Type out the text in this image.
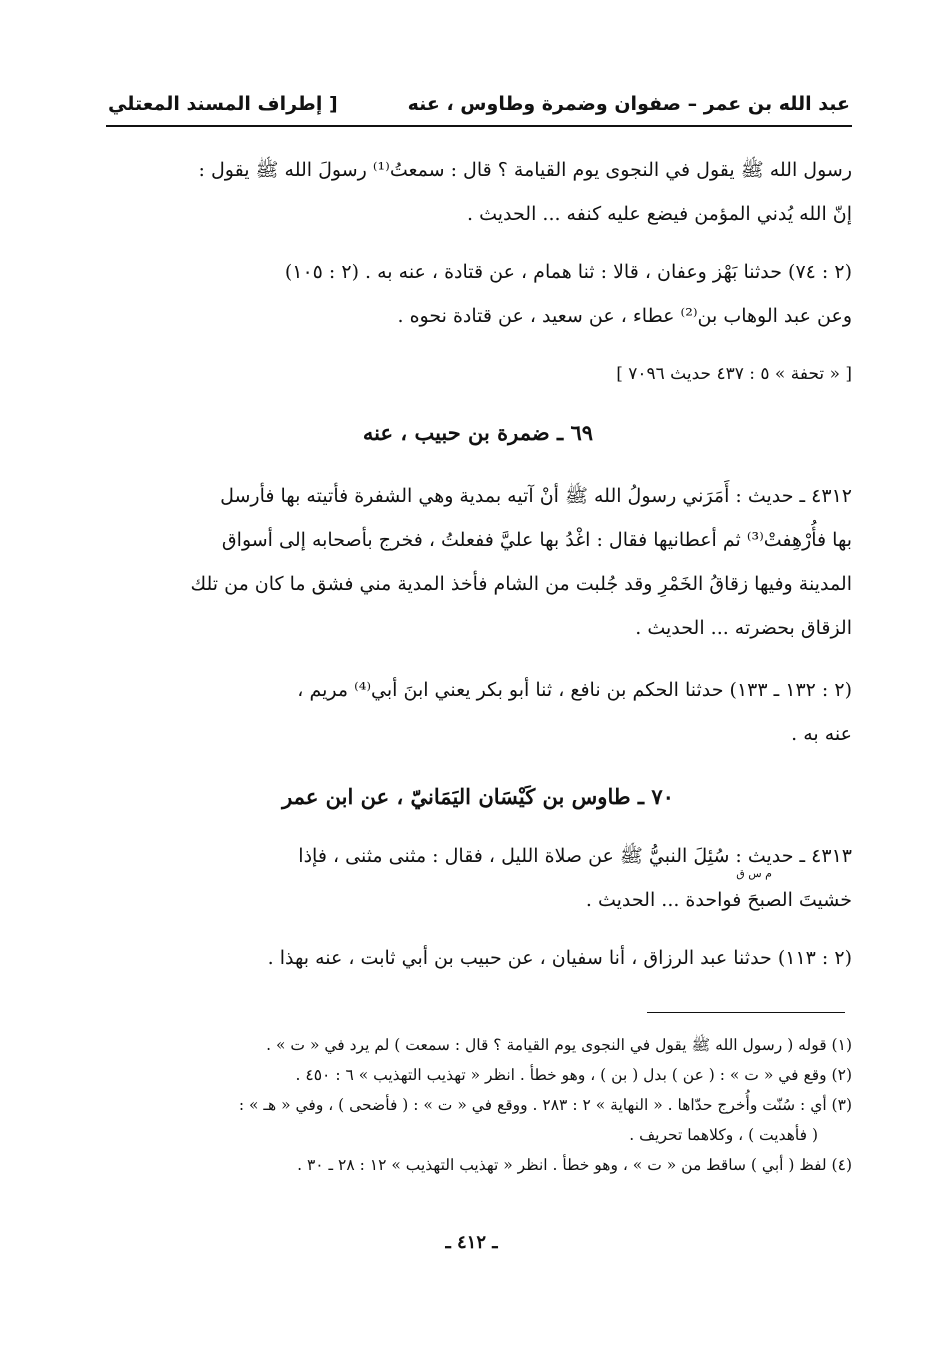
عبد الله بن عمر – صفوان وضمرة وطاوس ، عنه
[ إطراف المسند المعتلي

رسول الله ﷺ يقول في النجوى يوم القيامة ؟ قال : سمعتُ⁽¹⁾ رسولَ الله ﷺ يقول :

إنّ الله يُدني المؤمن فيضع عليه كنفه ... الحديث .

(٢ : ٧٤) حدثنا بَهْز وعفان ، قالا : ثنا همام ، عن قتادة ، عنه به . (٢ : ١٠٥)

وعن عبد الوهاب بن⁽²⁾ عطاء ، عن سعيد ، عن قتادة نحوه .

[ « تحفة » ٥ : ٤٣٧ حديث ٧٠٩٦ ]

٦٩ ـ ضمرة بن حبيب ، عنه

٤٣١٢ ـ حديث : أَمَرَني رسولُ الله ﷺ أنْ آتيه بمدية وهي الشفرة فأتيته بها فأرسل

بها فأُرْهِفتْ⁽³⁾ ثم أعطانيها فقال : اغْدُ بها عليَّ ففعلتُ ، فخرج بأصحابه إلى أسواق

المدينة وفيها زقاقُ الخَمْرِ وقد جُلبت من الشام فأخذ المدية مني فشق ما كان من تلك

الزقاق بحضرته ... الحديث .

(٢ : ١٣٢ ـ ١٣٣) حدثنا الحكم بن نافع ، ثنا أبو بكر يعني ابنَ أبي⁽⁴⁾ مريم ،

عنه به .

٧٠ ـ طاوس بن كَيْسَان اليَمَانيّ ، عن ابن عمر

٤٣١٣ ـ حديث : سُئِلَ النبيُّ ﷺ عن صلاة الليل ، فقال : مثنى مثنى ، فإذا

م س ق

خشيتَ الصبحَ فواحدة ... الحديث .

(٢ : ١١٣) حدثنا عبد الرزاق ، أنا سفيان ، عن حبيب بن أبي ثابت ، عنه بهذا .

(١) قوله ( رسول الله ﷺ يقول في النجوى يوم القيامة ؟ قال : سمعت ) لم يرد في « ت » .

(٢) وقع في « ت » : ( عن ) بدل ( بن ) ، وهو خطأ . انظر « تهذيب التهذيب » ٦ : ٤٥٠ .

(٣) أي : سُنّت وأُخرج حدّاها . « النهاية » ٢ : ٢٨٣ . ووقع في « ت » : ( فأضحى ) ، وفي « هـ » :

( فأهديت ) ، وكلاهما تحريف .

(٤) لفظ ( أبي ) ساقط من « ت » ، وهو خطأ . انظر « تهذيب التهذيب » ١٢ : ٢٨ ـ ٣٠ .

ـ ٤١٢ ـ
